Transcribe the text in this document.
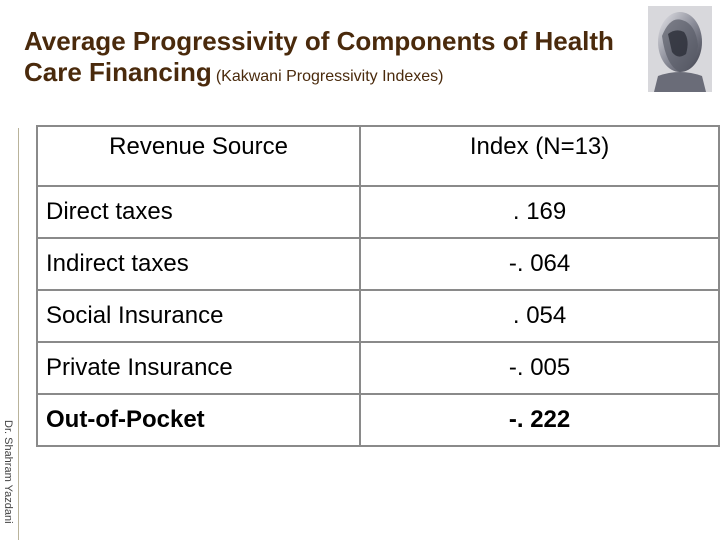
Average Progressivity of Components of Health
Care Financing (Kakwani Progressivity Indexes)
Dr. Shahram Yazdani
Revenue Source	Index (N=13)
Direct taxes	. 169
Indirect taxes	-. 064
Social Insurance	. 054
Private Insurance	-. 005
Out-of-Pocket	-. 222
